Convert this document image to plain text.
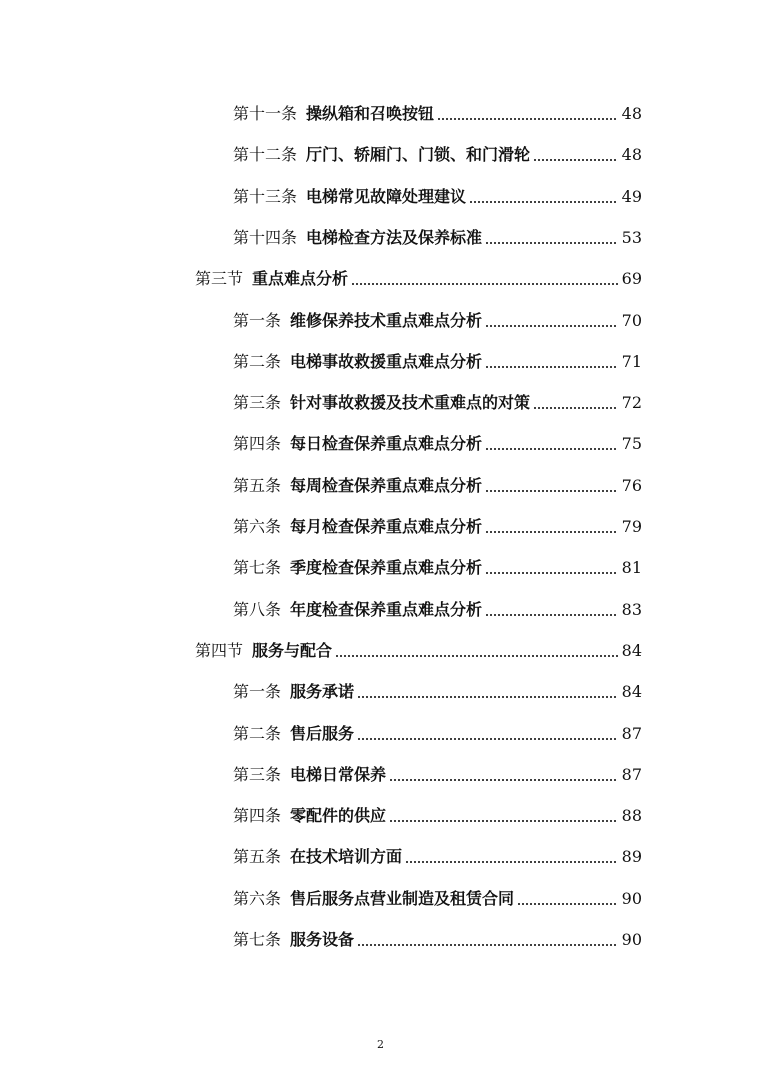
第十一条 操纵箱和召唤按钮	48
第十二条 厅门、轿厢门、门锁、和门滑轮	48
第十三条 电梯常见故障处理建议	49
第十四条 电梯检查方法及保养标准	53
第三节 重点难点分析	69
第一条 维修保养技术重点难点分析	70
第二条 电梯事故救援重点难点分析	71
第三条 针对事故救援及技术重难点的对策	72
第四条 每日检查保养重点难点分析	75
第五条 每周检查保养重点难点分析	76
第六条 每月检查保养重点难点分析	79
第七条 季度检查保养重点难点分析	81
第八条 年度检查保养重点难点分析	83
第四节 服务与配合	84
第一条 服务承诺	84
第二条 售后服务	87
第三条 电梯日常保养	87
第四条 零配件的供应	88
第五条 在技术培训方面	89
第六条 售后服务点营业制造及租赁合同	90
第七条 服务设备	90
2
